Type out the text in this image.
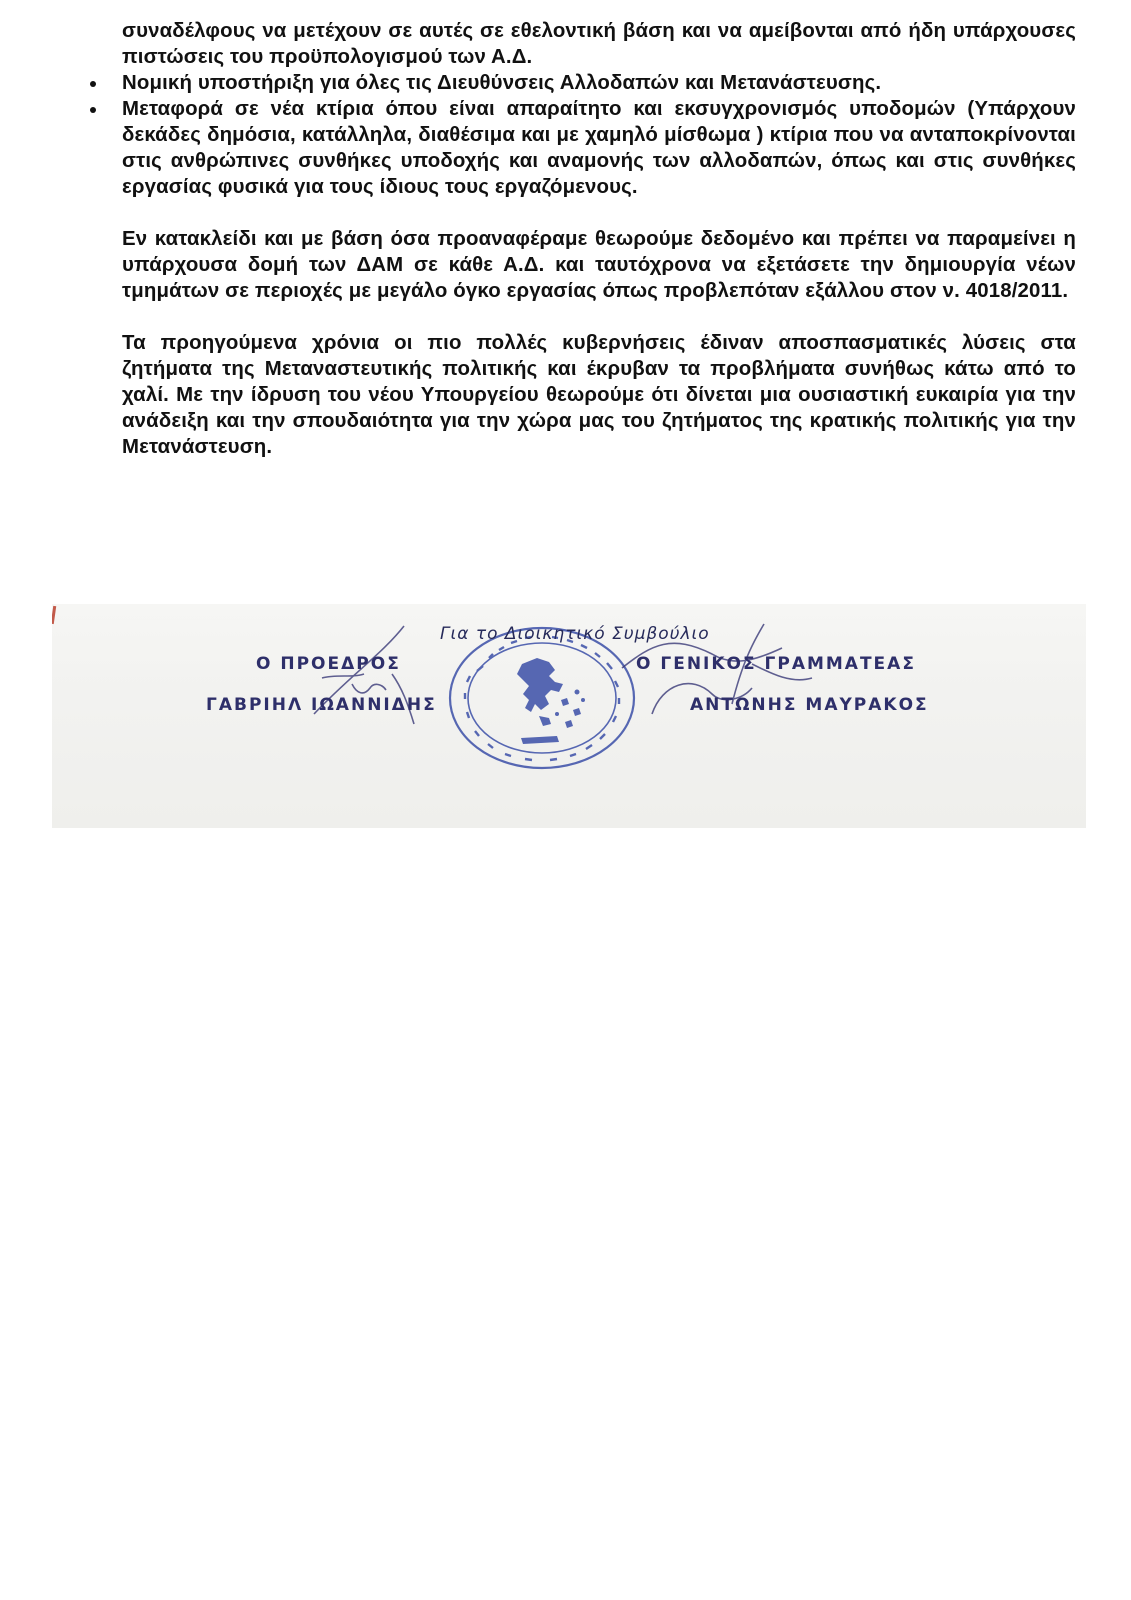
συναδέλφους να μετέχουν σε αυτές σε εθελοντική βάση και να αμείβονται από ήδη υπάρχουσες πιστώσεις του προϋπολογισμού των Α.Δ.

Νομική υποστήριξη για όλες τις Διευθύνσεις Αλλοδαπών και Μετανάστευσης.
Μεταφορά σε νέα κτίρια όπου είναι απαραίτητο και εκσυγχρονισμός υποδομών (Υπάρχουν δεκάδες δημόσια, κατάλληλα, διαθέσιμα και με χαμηλό μίσθωμα ) κτίρια που να ανταποκρίνονται στις ανθρώπινες συνθήκες υποδοχής και αναμονής των αλλοδαπών, όπως και στις συνθήκες εργασίας φυσικά για τους ίδιους τους εργαζόμενους.

Εν κατακλείδι και με βάση όσα προαναφέραμε θεωρούμε δεδομένο και πρέπει να παραμείνει η υπάρχουσα δομή των ΔΑΜ σε κάθε Α.Δ. και ταυτόχρονα να εξετάσετε την δημιουργία νέων τμημάτων σε περιοχές με μεγάλο όγκο εργασίας όπως προβλεπόταν εξάλλου στον ν. 4018/2011.

Τα προηγούμενα χρόνια οι πιο πολλές κυβερνήσεις έδιναν αποσπασματικές λύσεις στα ζητήματα της Μεταναστευτικής πολιτικής και έκρυβαν τα προβλήματα συνήθως κάτω από το χαλί. Με την ίδρυση του νέου Υπουργείου θεωρούμε ότι δίνεται μια ουσιαστική ευκαιρία για την ανάδειξη και την σπουδαιότητα για την χώρα μας του ζητήματος της κρατικής πολιτικής για την Μετανάστευση.

Για το Διοικητικό Συμβούλιο
Ο ΠΡΟΕΔΡΟΣ	Ο ΓΕΝΙΚΟΣ ΓΡΑΜΜΑΤΕΑΣ
ΓΑΒΡΙΗΛ ΙΩΑΝΝΙΔΗΣ	ΑΝΤΩΝΗΣ ΜΑΥΡΑΚΟΣ
